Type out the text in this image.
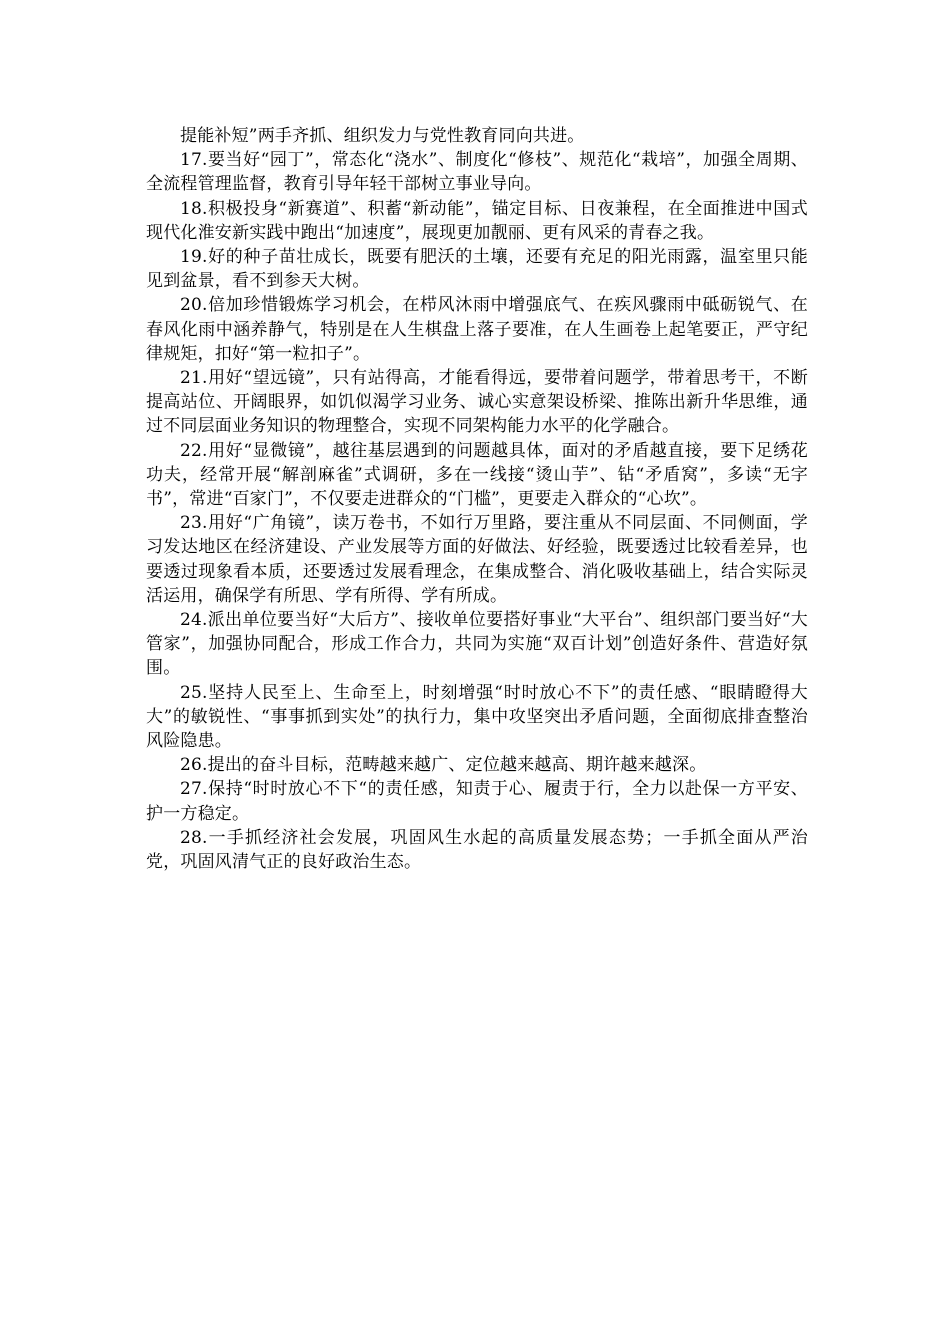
提能补短”两手齐抓、组织发力与党性教育同向共进。

17.要当好“园丁”，常态化“浇水”、制度化“修枝”、规范化“栽培”，加强全周期、全流程管理监督，教育引导年轻干部树立事业导向。

18.积极投身“新赛道”、积蓄“新动能”，锚定目标、日夜兼程，在全面推进中国式现代化淮安新实践中跑出“加速度”，展现更加靓丽、更有风采的青春之我。

19.好的种子苗壮成长，既要有肥沃的土壤，还要有充足的阳光雨露，温室里只能见到盆景，看不到参天大树。

20.倍加珍惜锻炼学习机会，在栉风沐雨中增强底气、在疾风骤雨中砥砺锐气、在春风化雨中涵养静气，特别是在人生棋盘上落子要准，在人生画卷上起笔要正，严守纪律规矩，扣好“第一粒扣子”。

21.用好“望远镜”，只有站得高，才能看得远，要带着问题学，带着思考干，不断提高站位、开阔眼界，如饥似渴学习业务、诚心实意架设桥梁、推陈出新升华思维，通过不同层面业务知识的物理整合，实现不同架构能力水平的化学融合。

22.用好“显微镜”，越往基层遇到的问题越具体，面对的矛盾越直接，要下足绣花功夫，经常开展“解剖麻雀”式调研，多在一线接“烫山芋”、钻“矛盾窝”，多读“无字书”，常进“百家门”，不仅要走进群众的“门槛”，更要走入群众的“心坎”。

23.用好“广角镜”，读万卷书，不如行万里路，要注重从不同层面、不同侧面，学习发达地区在经济建设、产业发展等方面的好做法、好经验，既要透过比较看差异，也要透过现象看本质，还要透过发展看理念，在集成整合、消化吸收基础上，结合实际灵活运用，确保学有所思、学有所得、学有所成。

24.派出单位要当好“大后方”、接收单位要搭好事业“大平台”、组织部门要当好“大管家”，加强协同配合，形成工作合力，共同为实施“双百计划”创造好条件、营造好氛围。

25.坚持人民至上、生命至上，时刻增强“时时放心不下”的责任感、“眼睛瞪得大大”的敏锐性、“事事抓到实处”的执行力，集中攻坚突出矛盾问题，全面彻底排查整治风险隐患。

26.提出的奋斗目标，范畴越来越广、定位越来越高、期许越来越深。

27.保持“时时放心不下“的责任感，知责于心、履责于行，全力以赴保一方平安、护一方稳定。

28.一手抓经济社会发展，巩固风生水起的高质量发展态势；一手抓全面从严治党，巩固风清气正的良好政治生态。
